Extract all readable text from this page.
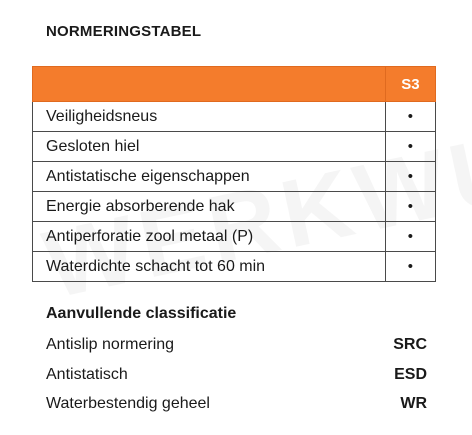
NORMERINGSTABEL
	S3
Veiligheidsneus	•
Gesloten hiel	•
Antistatische eigenschappen	•
Energie absorberende hak	•
Antiperforatie zool metaal (P)	•
Waterdichte schacht tot 60 min	•
Aanvullende classificatie
Antislip normering	SRC
Antistatisch	ESD
Waterbestendig geheel	WR
